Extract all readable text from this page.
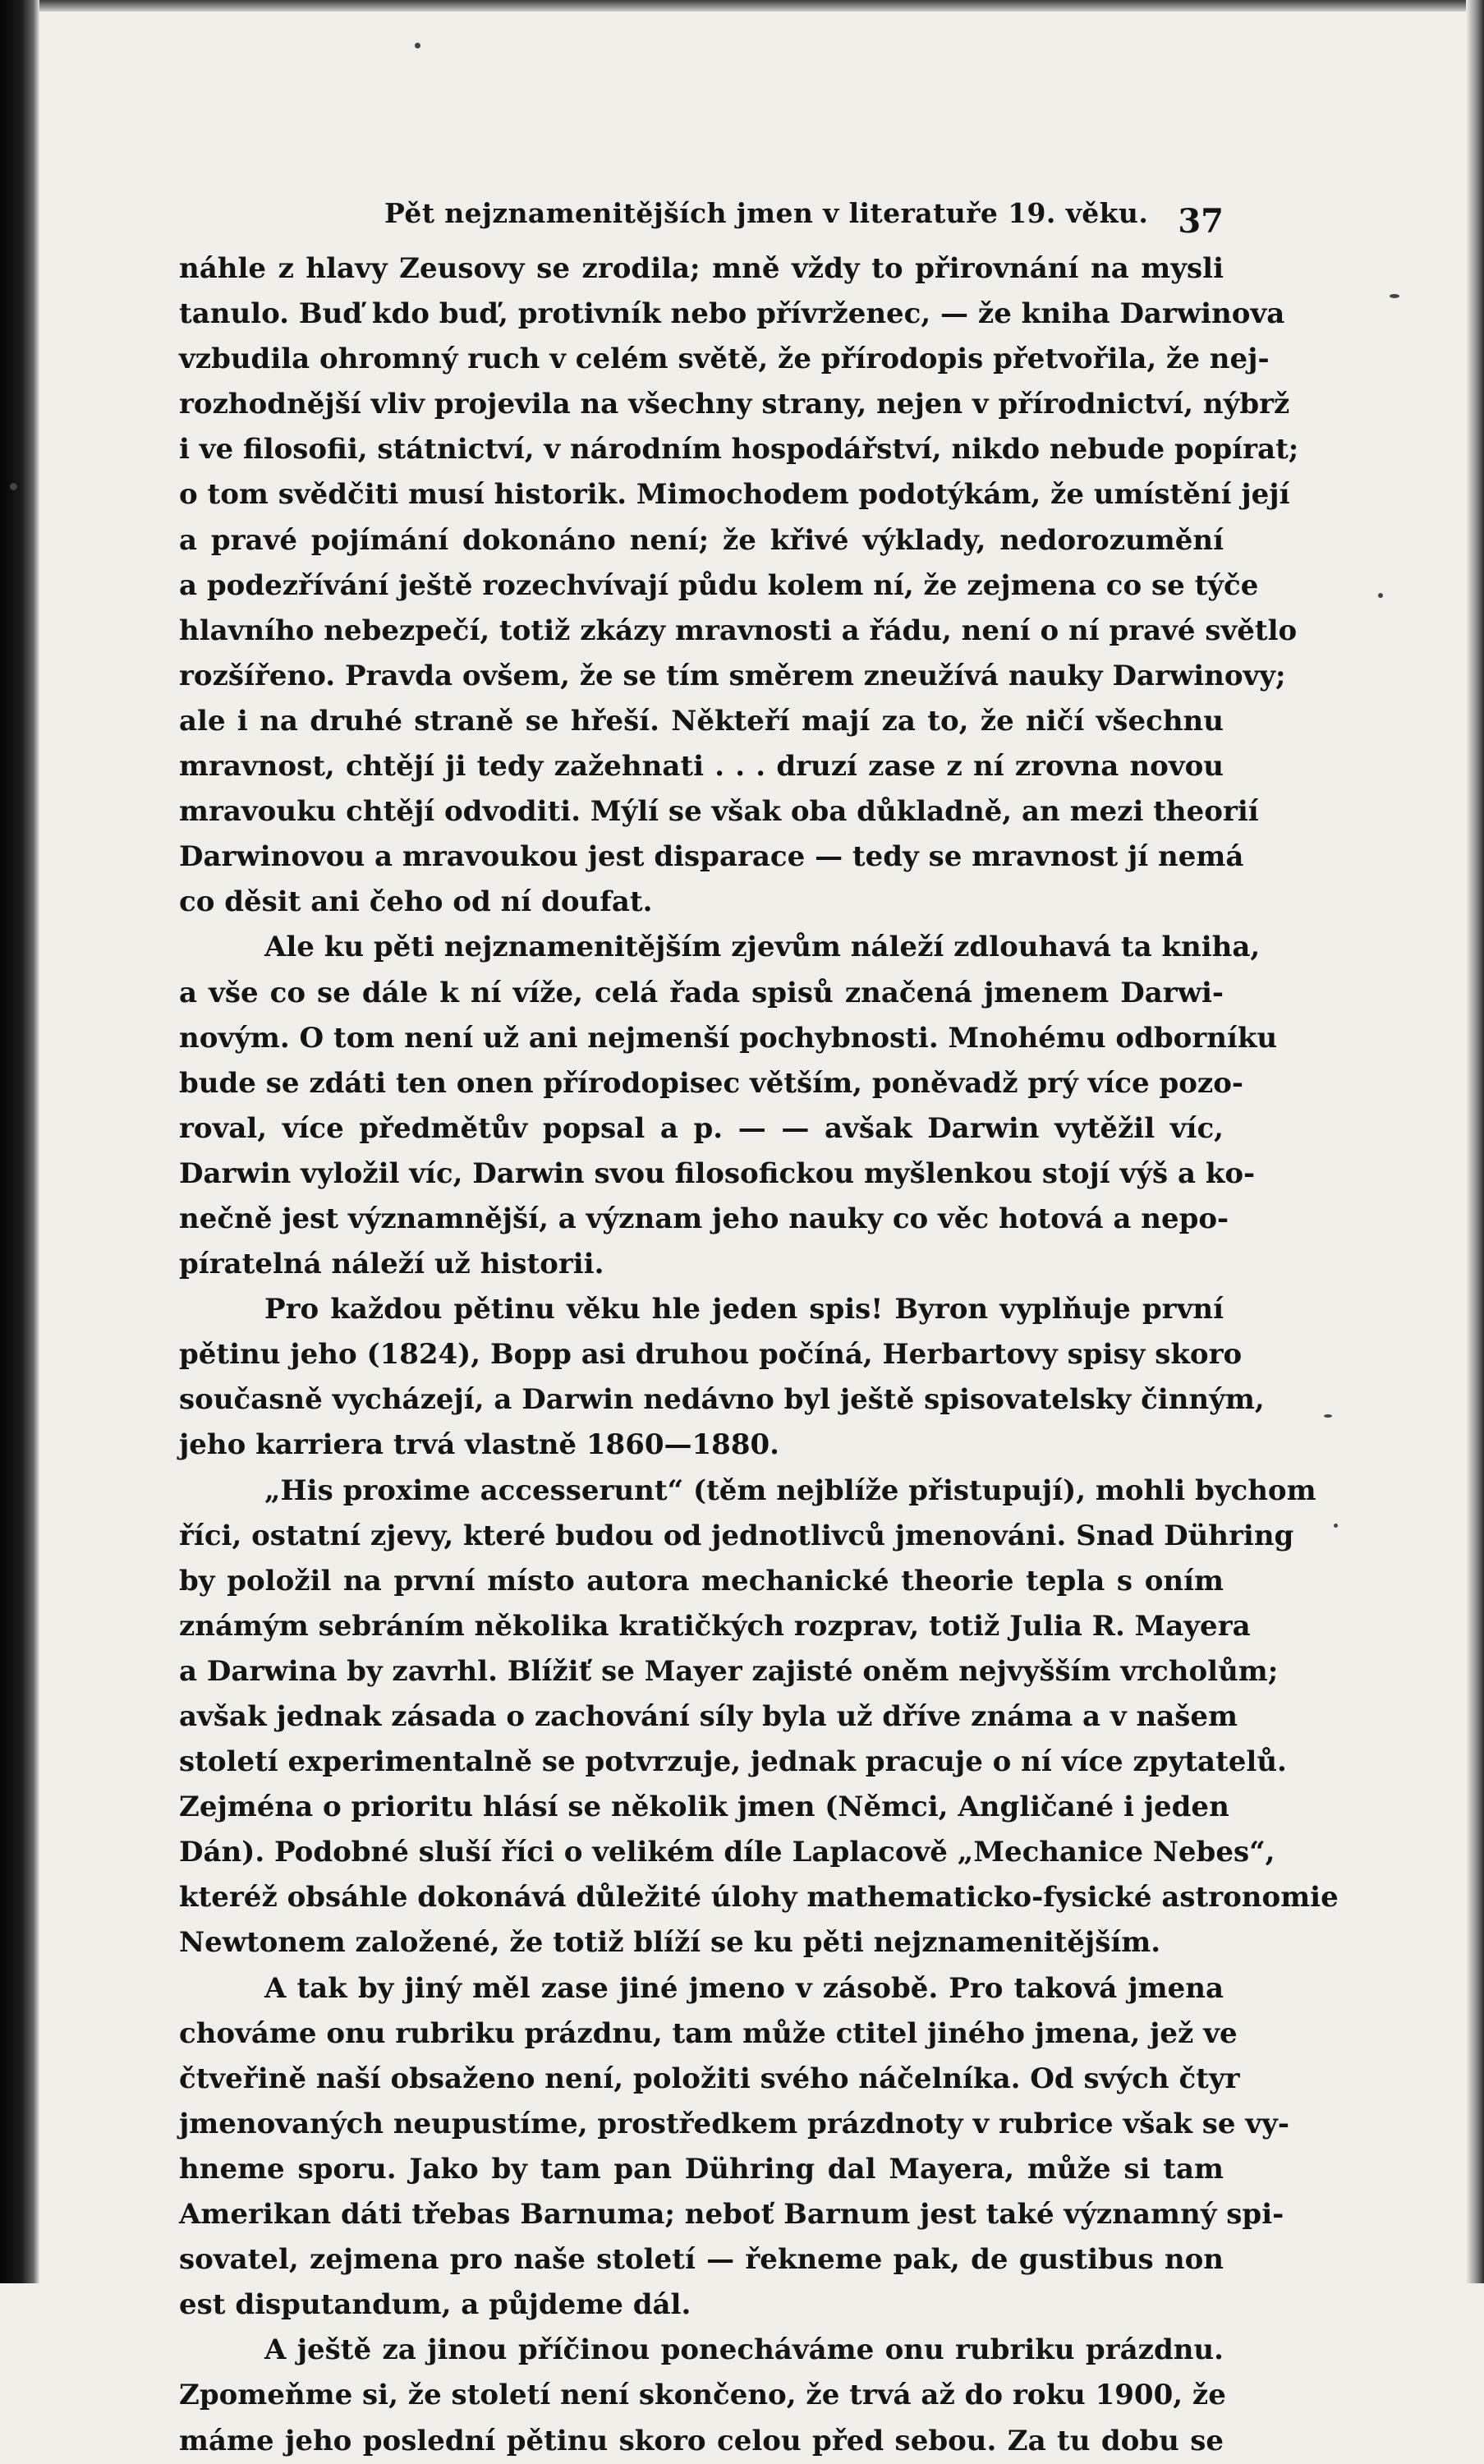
Pět nejznamenitějších jmen v literatuře 19. věku. 37
náhle z hlavy Zeusovy se zrodila; mně vždy to přirovnání na mysli
tanulo. Buď kdo buď, protivník nebo přívrženec, — že kniha Darwinova
vzbudila ohromný ruch v celém světě, že přírodopis přetvořila, že nej-
rozhodnější vliv projevila na všechny strany, nejen v přírodnictví, nýbrž
i ve filosofii, státnictví, v národním hospodářství, nikdo nebude popírat;
o tom svědčiti musí historik. Mimochodem podotýkám, že umístění její
a pravé pojímání dokonáno není; že křivé výklady, nedorozumění
a podezřívání ještě rozechvívají půdu kolem ní, že zejmena co se týče
hlavního nebezpečí, totiž zkázy mravnosti a řádu, není o ní pravé světlo
rozšířeno. Pravda ovšem, že se tím směrem zneužívá nauky Darwinovy;
ale i na druhé straně se hřeší. Někteří mají za to, že ničí všechnu
mravnost, chtějí ji tedy zažehnati . . . druzí zase z ní zrovna novou
mravouku chtějí odvoditi. Mýlí se však oba důkladně, an mezi theorií
Darwinovou a mravoukou jest disparace — tedy se mravnost jí nemá
co děsit ani čeho od ní doufat.
Ale ku pěti nejznamenitějším zjevům náleží zdlouhavá ta kniha,
a vše co se dále k ní víže, celá řada spisů značená jmenem Darwi-
novým. O tom není už ani nejmenší pochybnosti. Mnohému odborníku
bude se zdáti ten onen přírodopisec větším, poněvadž prý více pozo-
roval, více předmětův popsal a p. — — avšak Darwin vytěžil víc,
Darwin vyložil víc, Darwin svou filosofickou myšlenkou stojí výš a ko-
nečně jest významnější, a význam jeho nauky co věc hotová a nepo-
píratelná náleží už historii.
Pro každou pětinu věku hle jeden spis! Byron vyplňuje první
pětinu jeho (1824), Bopp asi druhou počíná, Herbartovy spisy skoro
současně vycházejí, a Darwin nedávno byl ještě spisovatelsky činným,
jeho karriera trvá vlastně 1860—1880.
„His proxime accesserunt“ (těm nejblíže přistupují), mohli bychom
říci, ostatní zjevy, které budou od jednotlivců jmenováni. Snad Dühring
by položil na první místo autora mechanické theorie tepla s oním
známým sebráním několika kratičkých rozprav, totiž Julia R. Mayera
a Darwina by zavrhl. Blížiť se Mayer zajisté oněm nejvyšším vrcholům;
avšak jednak zásada o zachování síly byla už dříve známa a v našem
století experimentalně se potvrzuje, jednak pracuje o ní více zpytatelů.
Zejména o prioritu hlásí se několik jmen (Němci, Angličané i jeden
Dán). Podobné sluší říci o velikém díle Laplacově „Mechanice Nebes“,
kteréž obsáhle dokonává důležité úlohy mathematicko-fysické astronomie
Newtonem založené, že totiž blíží se ku pěti nejznamenitějším.
A tak by jiný měl zase jiné jmeno v zásobě. Pro taková jmena
chováme onu rubriku prázdnu, tam může ctitel jiného jmena, jež ve
čtveřině naší obsaženo není, položiti svého náčelníka. Od svých čtyr
jmenovaných neupustíme, prostředkem prázdnoty v rubrice však se vy-
hneme sporu. Jako by tam pan Dühring dal Mayera, může si tam
Amerikan dáti třebas Barnuma; neboť Barnum jest také významný spi-
sovatel, zejmena pro naše století — řekneme pak, de gustibus non
est disputandum, a půjdeme dál.
A ještě za jinou příčinou ponecháváme onu rubriku prázdnu.
Zpomeňme si, že století není skončeno, že trvá až do roku 1900, že
máme jeho poslední pětinu skoro celou před sebou. Za tu dobu se
